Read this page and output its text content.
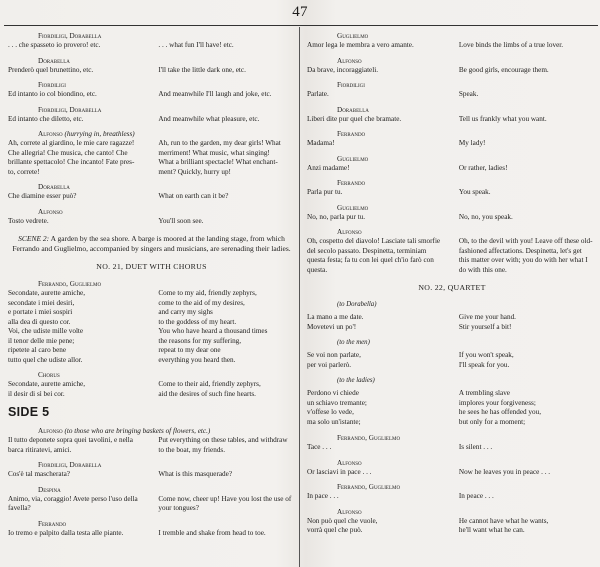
47
Fiordiligi, Dorabella
. . . che spasseto io provero! etc.	. . . what fun I'll have! etc.
Dorabella
Prenderò quel brunettino, etc.	I'll take the little dark one, etc.
Fiordiligi
Ed intanto io col biondino, etc.	And meanwhile I'll laugh and joke, etc.
Fiordiligi, Dorabella
Ed intanto che diletto, etc.	And meanwhile what pleasure, etc.
Alfonso (hurrying in, breathless)
Ah, correte al giardino, le mie care ragazze!	Ah, run to the garden, my dear girls! What
Che allegria! Che musica, che canto! Che	merriment! What music, what singing!
brillante spettacolo! Che incanto! Fate pres-	What a brilliant spectacle! What enchant-
to, correte!	ment? Quickly, hurry up!
Dorabella
Che diamine esser può?	What on earth can it be?
Alfonso
Tosto vedrete.	You'll soon see.
SCENE 2: A garden by the sea shore. A barge is moored at the landing stage, from which Ferrando and Guglielmo, accompanied by singers and musicians, are serenading their ladies.
NO. 21, DUET WITH CHORUS
Ferrando, Guglielmo
Secondate, aurette amiche,	Come to my aid, friendly zephyrs,
secondate i miei desiri,	come to the aid of my desires,
e portate i miei sospiri	and carry my sighs
alla dea di questo cor.	to the goddess of my heart.
Voi, che udiste mille volte	You who have heard a thousand times
il tenor delle mie pene;	the reasons for my suffering,
ripetete al caro bene	repeat to my dear one
tutto quel che udiste allor.	everything you heard then.
Chorus
Secondate, aurette amiche,	Come to their aid, friendly zephyrs,
il desir di sì bei cor.	aid the desires of such fine hearts.
SIDE 5
Alfonso (to those who are bringing baskets of flowers, etc.)
Il tutto deponete sopra quei tavolini, e nella	Put everything on these tables, and withdraw
barca ritiratevi, amici.	to the boat, my friends.
Fiordiligi, Dorabella
Cos'è tal mascherata?	What is this masquerade?
Despina
Animo, via, coraggio! Avete perso l'uso della	Come now, cheer up! Have you lost the use of
favella?	your tongues?
Ferrando
Io tremo e palpito dalla testa alle piante.	I tremble and shake from head to toe.
Guglielmo
Amor lega le membra a vero amante.	Love binds the limbs of a true lover.
Alfonso
Da brave, incoraggiateli.	Be good girls, encourage them.
Fiordiligi
Parlate.	Speak.
Dorabella
Liberi dite pur quel che bramate.	Tell us frankly what you want.
Ferrando
Madama!	My lady!
Guglielmo
Anzi madame!	Or rather, ladies!
Ferrando
Parla pur tu.	You speak.
Guglielmo
No, no, parla pur tu.	No, no, you speak.
Alfonso
Oh, cospetto del diavolo! Lasciate tali smorfie	Oh, to the devil with you! Leave off these old-
del secolo passato. Despinetta, terminiam	fashioned affectations. Despinetta, let's get
questa festa; fa tu con lei quel ch'io farò con	this matter over with; you do with her what I
questa.	do with this one.
NO. 22, QUARTET
(to Dorabella)
La mano a me date.	Give me your hand.
Movetevi un po'!	Stir yourself a bit!
(to the men)
Se voi non parlate,	If you won't speak,
per voi parlerò.	I'll speak for you.
(to the ladies)
Perdono vi chiede	A trembling slave
un schiavo tremante;	implores your forgiveness;
v'offese lo vede,	he sees he has offended you,
ma solo un'istante;	but only for a moment;
Ferrando, Guglielmo
Tace . . .	Is silent . . .
Alfonso
Or lasciavi in pace . . .	Now he leaves you in peace . . .
Ferrando, Guglielmo
In pace . . .	In peace . . .
Alfonso
Non può quel che vuole,	He cannot have what he wants,
vorrà quel che può.	he'll want what he can.
